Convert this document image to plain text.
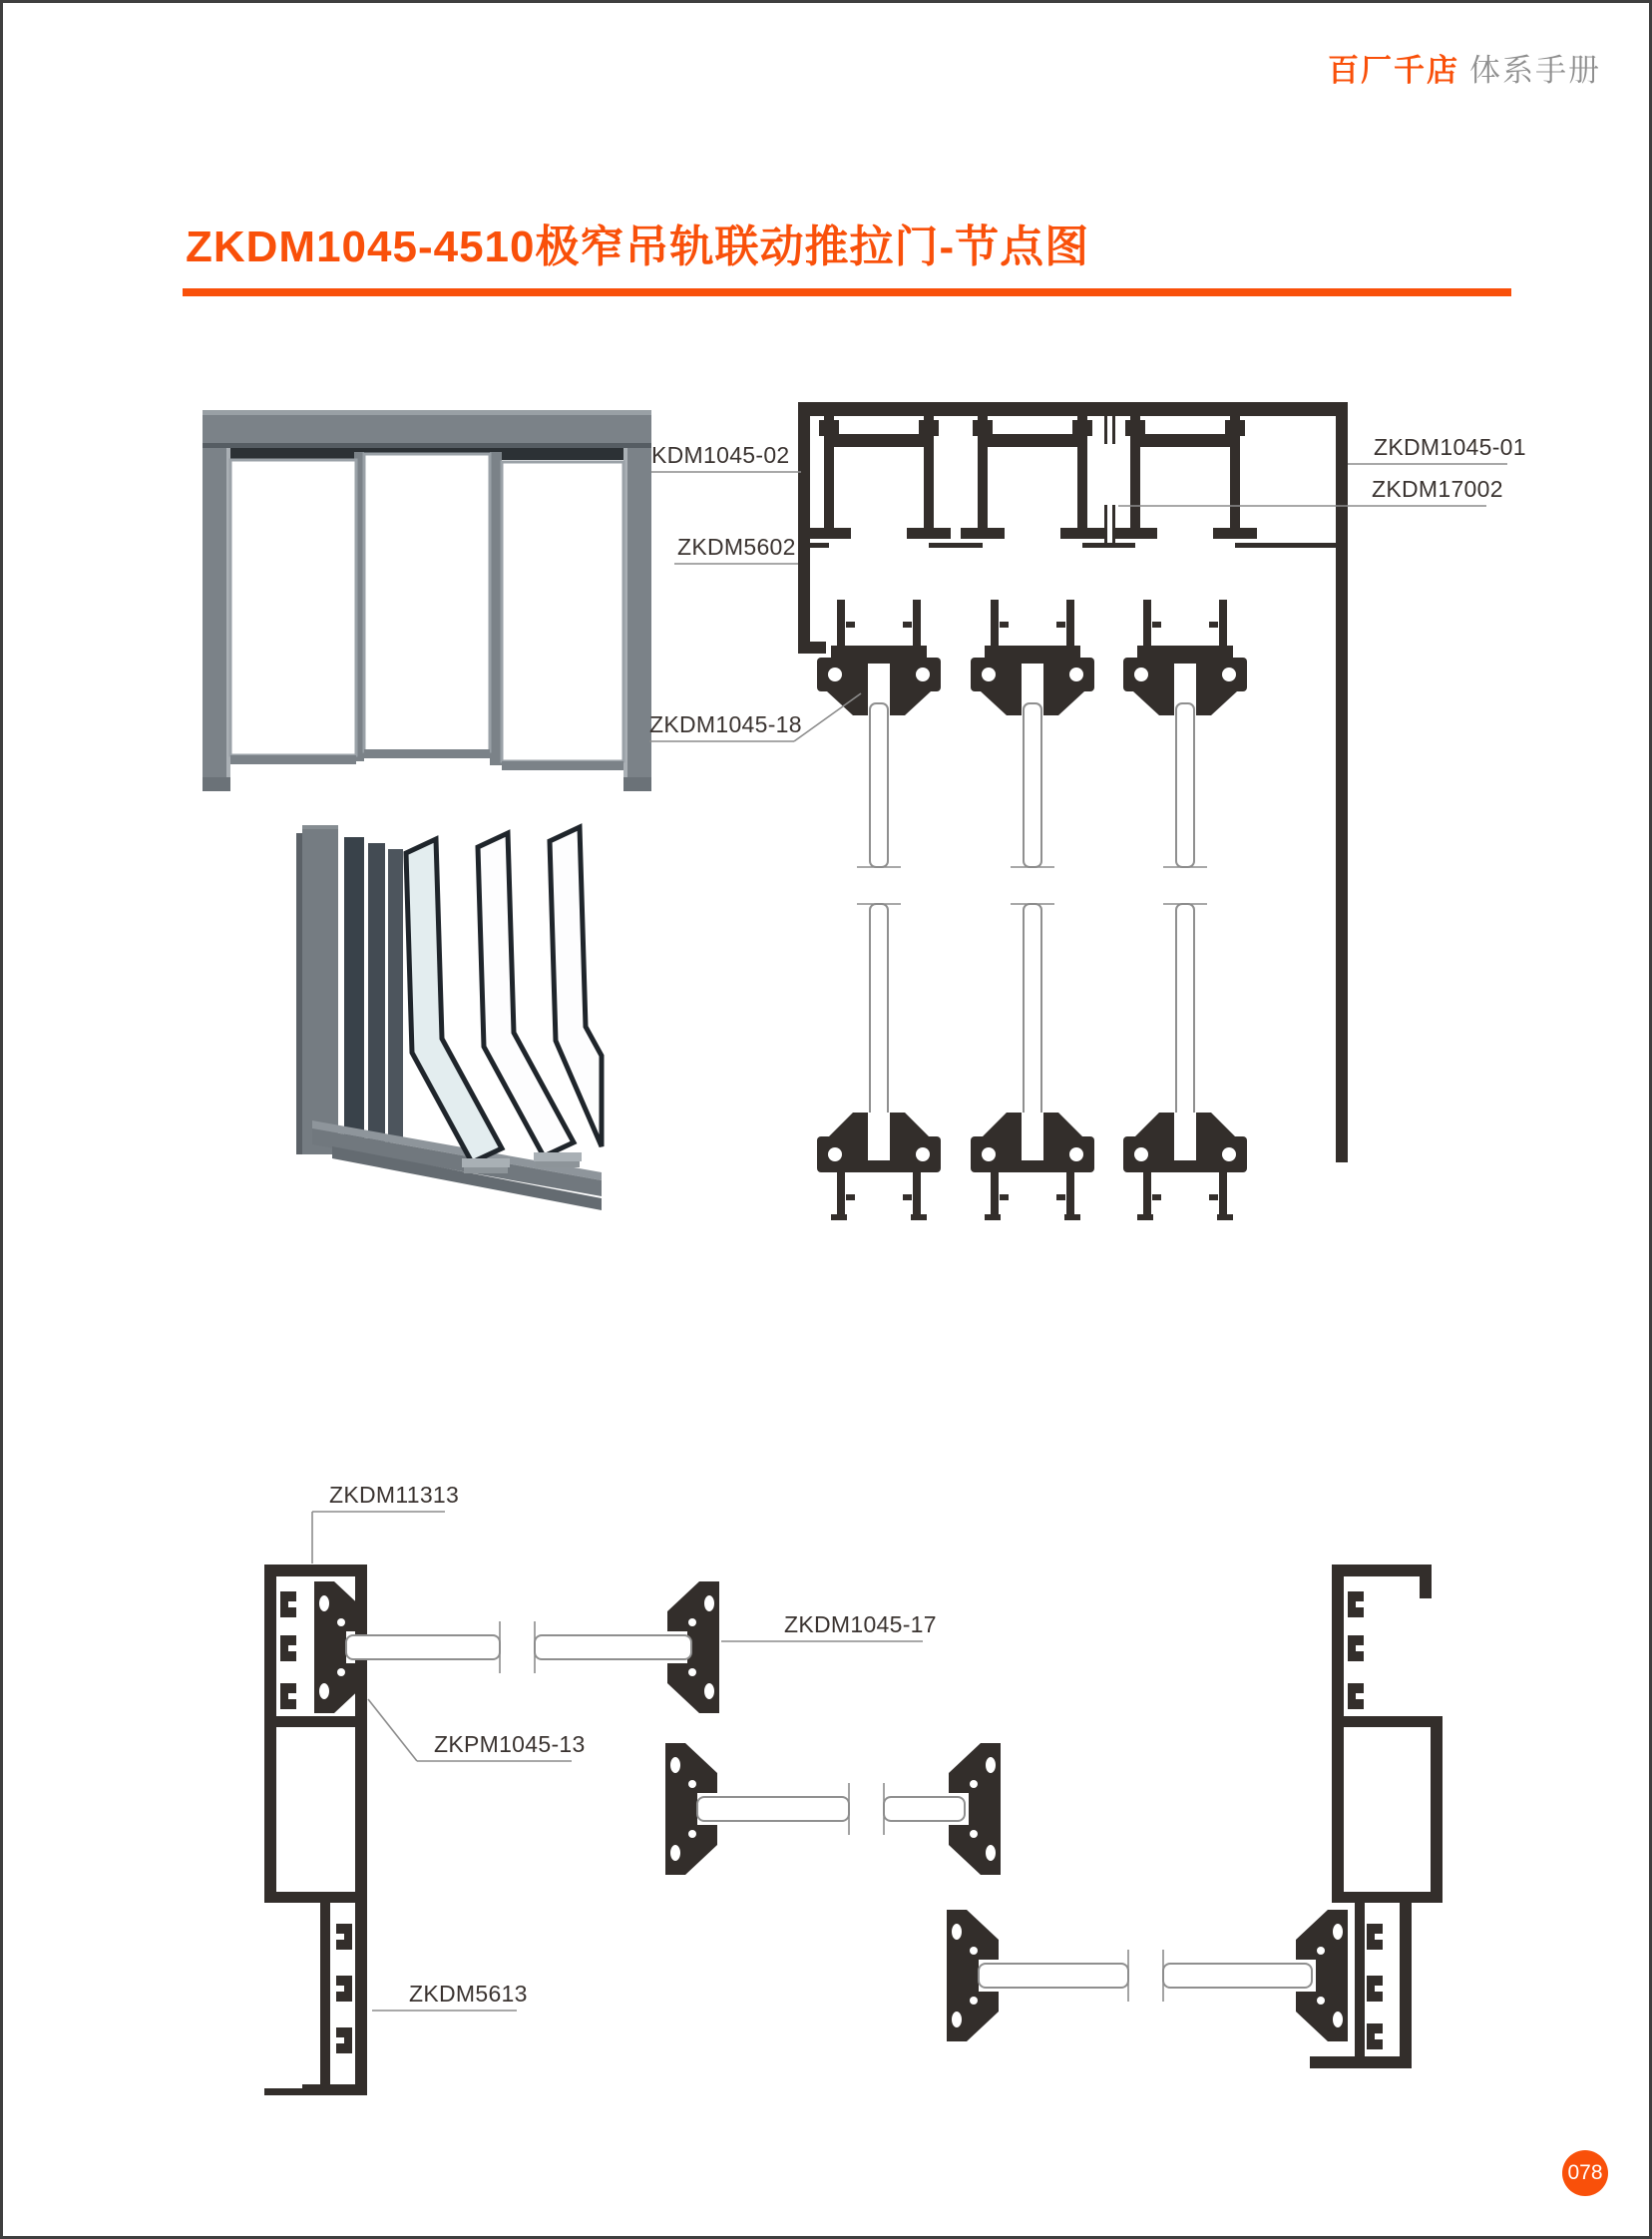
百厂千店 体系手册
ZKDM1045-4510极窄吊轨联动推拉门-节点图
KDM1045-02	ZKDM1045-01
ZKDM17002
ZKDM5602
ZKDM1045-18
ZKDM11313
ZKDM1045-17
ZKPM1045-13
ZKDM5613
078
